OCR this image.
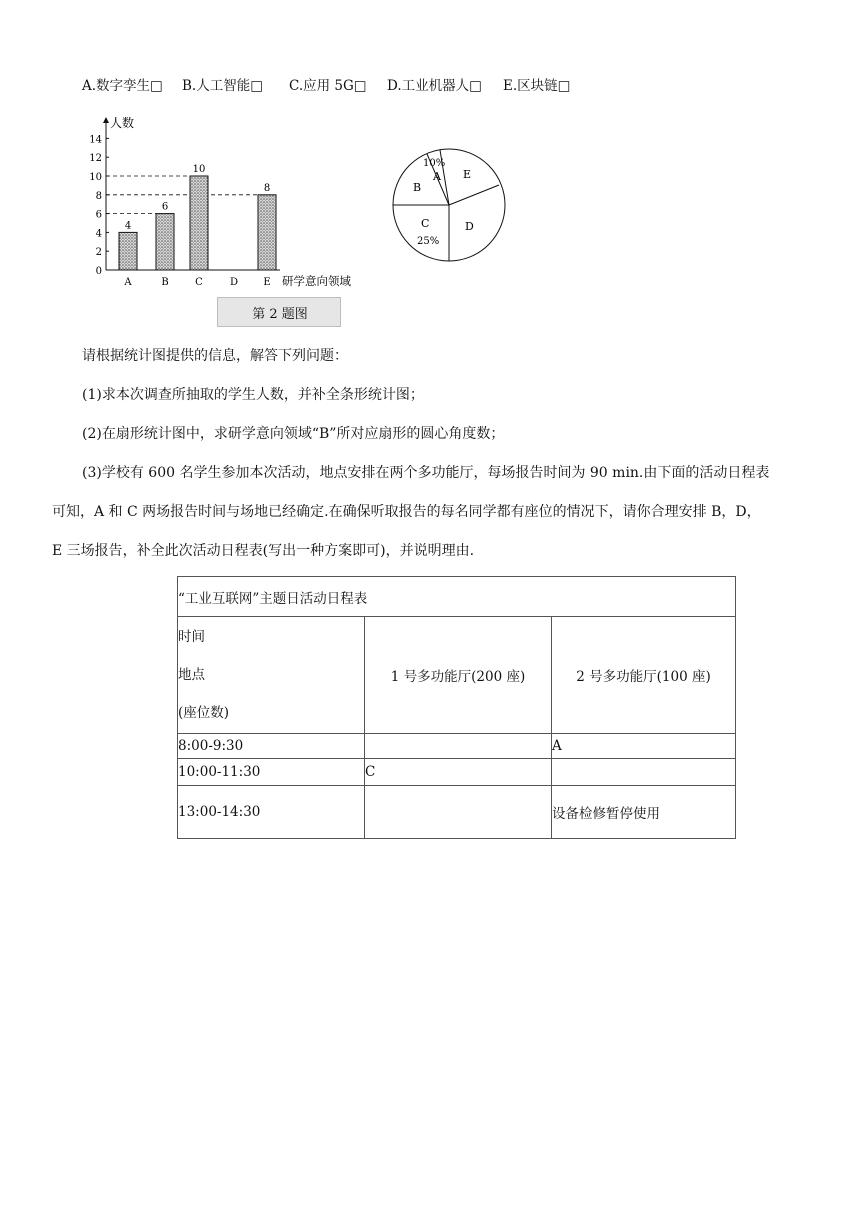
A.数字孪生□ B.人工智能□ C.应用 5G□ D.工业机器人□ E.区块链□
0
2
4
6
8
10
12
14
4
6
10
8
A	B	C	D	E
人数
研学意向领域
10%
A
B
E
C
25%
D
第 2 题图
请根据统计图提供的信息，解答下列问题：
(1)求本次调查所抽取的学生人数，并补全条形统计图；
(2)在扇形统计图中，求研学意向领域“B”所对应扇形的圆心角度数；
(3)学校有 600 名学生参加本次活动，地点安排在两个多功能厅，每场报告时间为 90 min.由下面的活动日程表
可知，A 和 C 两场报告时间与场地已经确定.在确保听取报告的每名同学都有座位的情况下，请你合理安排 B，D，
E 三场报告，补全此次活动日程表(写出一种方案即可)，并说明理由.
“工业互联网”主题日活动日程表		

时间
地点
(座位数)	1 号多功能厅(200 座)	2 号多功能厅(100 座)
8:00-9:30		A
10:00-11:30	C	
13:00-14:30		设备检修暂停使用
